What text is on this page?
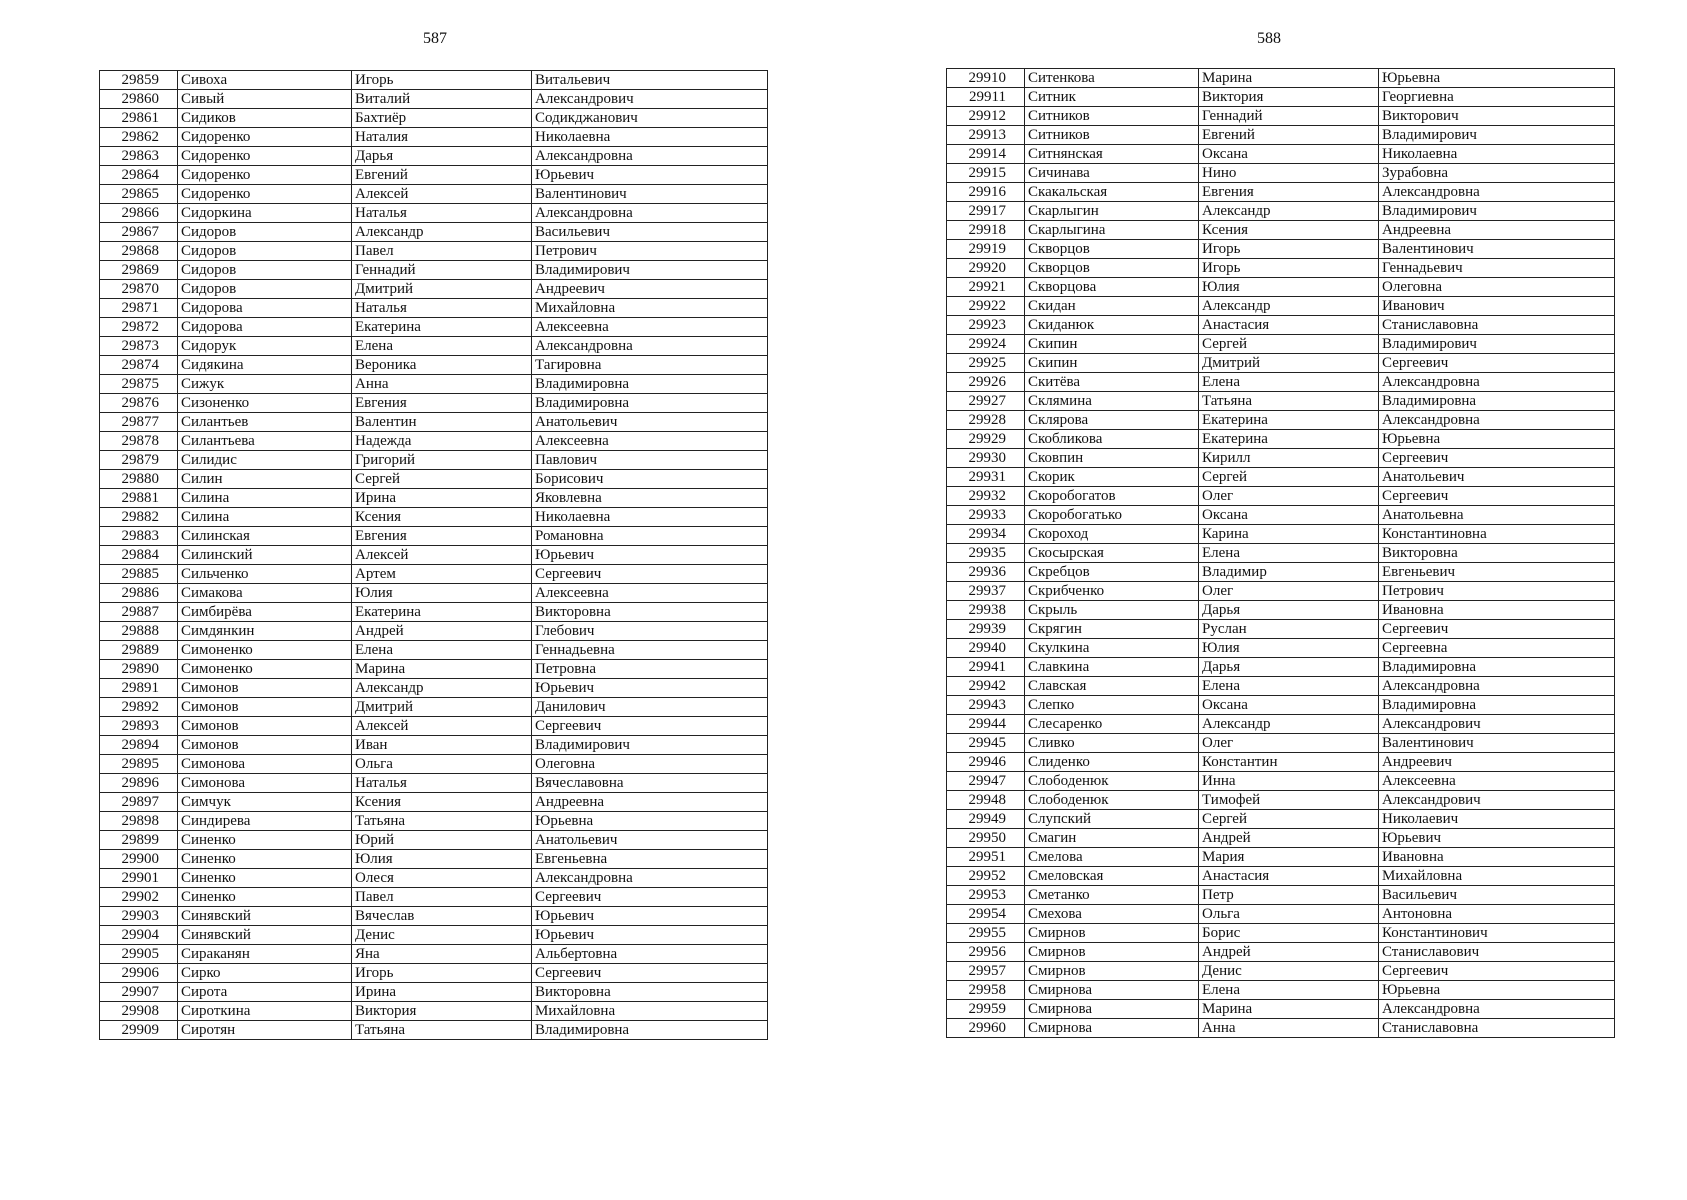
587
29859	Сивоха	Игорь	Витальевич
29860	Сивый	Виталий	Александрович
29861	Сидиков	Бахтиёр	Содикджанович
29862	Сидоренко	Наталия	Николаевна
29863	Сидоренко	Дарья	Александровна
29864	Сидоренко	Евгений	Юрьевич
29865	Сидоренко	Алексей	Валентинович
29866	Сидоркина	Наталья	Александровна
29867	Сидоров	Александр	Васильевич
29868	Сидоров	Павел	Петрович
29869	Сидоров	Геннадий	Владимирович
29870	Сидоров	Дмитрий	Андреевич
29871	Сидорова	Наталья	Михайловна
29872	Сидорова	Екатерина	Алексеевна
29873	Сидорук	Елена	Александровна
29874	Сидякина	Вероника	Тагировна
29875	Сижук	Анна	Владимировна
29876	Сизоненко	Евгения	Владимировна
29877	Силантьев	Валентин	Анатольевич
29878	Силантьева	Надежда	Алексеевна
29879	Силидис	Григорий	Павлович
29880	Силин	Сергей	Борисович
29881	Силина	Ирина	Яковлевна
29882	Силина	Ксения	Николаевна
29883	Силинская	Евгения	Романовна
29884	Силинский	Алексей	Юрьевич
29885	Сильченко	Артем	Сергеевич
29886	Симакова	Юлия	Алексеевна
29887	Симбирёва	Екатерина	Викторовна
29888	Симдянкин	Андрей	Глебович
29889	Симоненко	Елена	Геннадьевна
29890	Симоненко	Марина	Петровна
29891	Симонов	Александр	Юрьевич
29892	Симонов	Дмитрий	Данилович
29893	Симонов	Алексей	Сергеевич
29894	Симонов	Иван	Владимирович
29895	Симонова	Ольга	Олеговна
29896	Симонова	Наталья	Вячеславовна
29897	Симчук	Ксения	Андреевна
29898	Синдирева	Татьяна	Юрьевна
29899	Синенко	Юрий	Анатольевич
29900	Синенко	Юлия	Евгеньевна
29901	Синенко	Олеся	Александровна
29902	Синенко	Павел	Сергеевич
29903	Синявский	Вячеслав	Юрьевич
29904	Синявский	Денис	Юрьевич
29905	Сираканян	Яна	Альбертовна
29906	Сирко	Игорь	Сергеевич
29907	Сирота	Ирина	Викторовна
29908	Сироткина	Виктория	Михайловна
29909	Сиротян	Татьяна	Владимировна
588
29910	Ситенкова	Марина	Юрьевна
29911	Ситник	Виктория	Георгиевна
29912	Ситников	Геннадий	Викторович
29913	Ситников	Евгений	Владимирович
29914	Ситнянская	Оксана	Николаевна
29915	Сичинава	Нино	Зурабовна
29916	Скакальская	Евгения	Александровна
29917	Скарлыгин	Александр	Владимирович
29918	Скарлыгина	Ксения	Андреевна
29919	Скворцов	Игорь	Валентинович
29920	Скворцов	Игорь	Геннадьевич
29921	Скворцова	Юлия	Олеговна
29922	Скидан	Александр	Иванович
29923	Скиданюк	Анастасия	Станиславовна
29924	Скипин	Сергей	Владимирович
29925	Скипин	Дмитрий	Сергеевич
29926	Скитёва	Елена	Александровна
29927	Склямина	Татьяна	Владимировна
29928	Склярова	Екатерина	Александровна
29929	Скобликова	Екатерина	Юрьевна
29930	Сковпин	Кирилл	Сергеевич
29931	Скорик	Сергей	Анатольевич
29932	Скоробогатов	Олег	Сергеевич
29933	Скоробогатько	Оксана	Анатольевна
29934	Скороход	Карина	Константиновна
29935	Скосырская	Елена	Викторовна
29936	Скребцов	Владимир	Евгеньевич
29937	Скрибченко	Олег	Петрович
29938	Скрыль	Дарья	Ивановна
29939	Скрягин	Руслан	Сергеевич
29940	Скулкина	Юлия	Сергеевна
29941	Славкина	Дарья	Владимировна
29942	Славская	Елена	Александровна
29943	Слепко	Оксана	Владимировна
29944	Слесаренко	Александр	Александрович
29945	Сливко	Олег	Валентинович
29946	Слиденко	Константин	Андреевич
29947	Слободенюк	Инна	Алексеевна
29948	Слободенюк	Тимофей	Александрович
29949	Слупский	Сергей	Николаевич
29950	Смагин	Андрей	Юрьевич
29951	Смелова	Мария	Ивановна
29952	Смеловская	Анастасия	Михайловна
29953	Сметанко	Петр	Васильевич
29954	Смехова	Ольга	Антоновна
29955	Смирнов	Борис	Константинович
29956	Смирнов	Андрей	Станиславович
29957	Смирнов	Денис	Сергеевич
29958	Смирнова	Елена	Юрьевна
29959	Смирнова	Марина	Александровна
29960	Смирнова	Анна	Станиславовна
